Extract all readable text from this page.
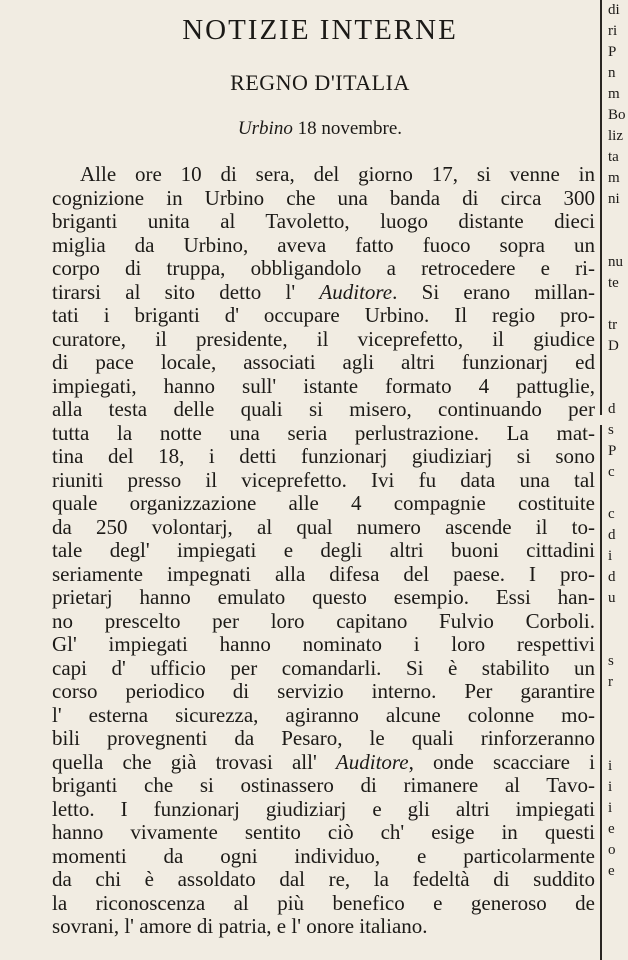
NOTIZIE INTERNE
REGNO D'ITALIA
Urbino 18 novembre.
Alle ore 10 di sera, del giorno 17, si venne in
cognizione in Urbino che una banda di circa 300
briganti unita al Tavoletto, luogo distante dieci
miglia da Urbino, aveva fatto fuoco sopra un
corpo di truppa, obbligandolo a retrocedere e ri-
tirarsi al sito detto l' Auditore. Si erano millan-
tati i briganti d' occupare Urbino. Il regio pro-
curatore, il presidente, il viceprefetto, il giudice
di pace locale, associati agli altri funzionarj ed
impiegati, hanno sull' istante formato 4 pattuglie,
alla testa delle quali si misero, continuando per
tutta la notte una seria perlustrazione. La mat-
tina del 18, i detti funzionarj giudiziarj si sono
riuniti presso il viceprefetto. Ivi fu data una tal
quale organizzazione alle 4 compagnie costituite
da 250 volontarj, al qual numero ascende il to-
tale degl' impiegati e degli altri buoni cittadini
seriamente impegnati alla difesa del paese. I pro-
prietarj hanno emulato questo esempio. Essi han-
no prescelto per loro capitano Fulvio Corboli.
Gl' impiegati hanno nominato i loro respettivi
capi d' ufficio per comandarli. Si è stabilito un
corso periodico di servizio interno. Per garantire
l' esterna sicurezza, agiranno alcune colonne mo-
bili provegnenti da Pesaro, le quali rinforzeranno
quella che già trovasi all' Auditore, onde scacciare i
briganti che si ostinassero di rimanere al Tavo-
letto. I funzionarj giudiziarj e gli altri impiegati
hanno vivamente sentito ciò ch' esige in questi
momenti da ogni individuo, e particolarmente
da chi è assoldato dal re, la fedeltà di suddito
la riconoscenza al più benefico e generoso de
sovrani, l' amore di patria, e l' onore italiano.
di
ri
P
n
m
Bo
liz
ta
m
ni
nu
te
tr
D
d
s
P
c
c
d
i
d
u
s
r
i
i
i
e
o
e
